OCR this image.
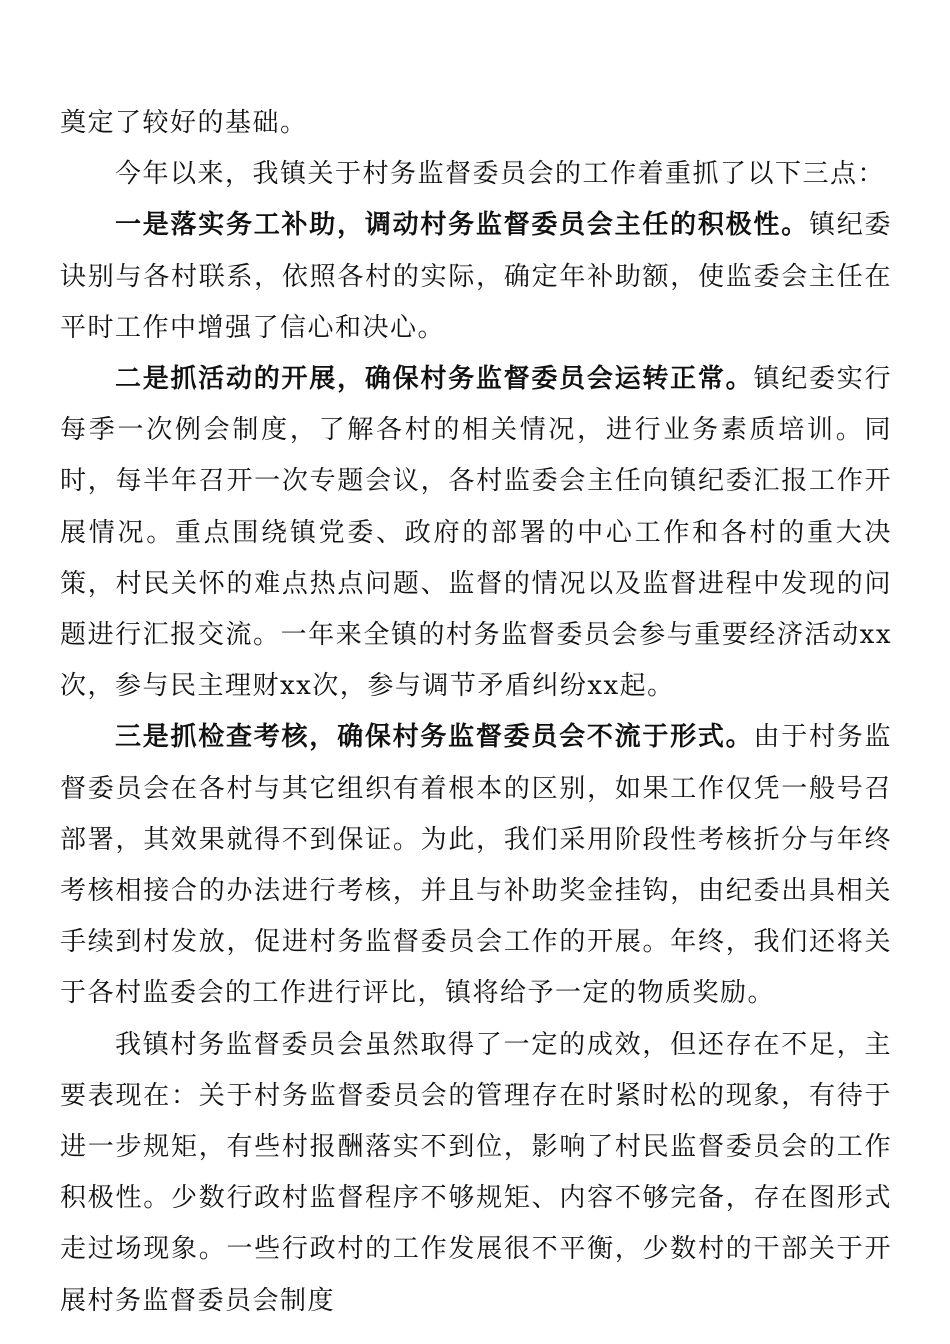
奠定了较好的基础。

今年以来，我镇关于村务监督委员会的工作着重抓了以下三点：

一是落实务工补助，调动村务监督委员会主任的积极性。镇纪委诀别与各村联系，依照各村的实际，确定年补助额，使监委会主任在平时工作中增强了信心和决心。

二是抓活动的开展，确保村务监督委员会运转正常。镇纪委实行每季一次例会制度，了解各村的相关情况，进行业务素质培训。同时，每半年召开一次专题会议，各村监委会主任向镇纪委汇报工作开展情况。重点围绕镇党委、政府的部署的中心工作和各村的重大决策，村民关怀的难点热点问题、监督的情况以及监督进程中发现的问题进行汇报交流。一年来全镇的村务监督委员会参与重要经济活动xx次，参与民主理财xx次，参与调节矛盾纠纷xx起。

三是抓检查考核，确保村务监督委员会不流于形式。由于村务监督委员会在各村与其它组织有着根本的区别，如果工作仅凭一般号召部署，其效果就得不到保证。为此，我们采用阶段性考核折分与年终考核相接合的办法进行考核，并且与补助奖金挂钩，由纪委出具相关手续到村发放，促进村务监督委员会工作的开展。年终，我们还将关于各村监委会的工作进行评比，镇将给予一定的物质奖励。

我镇村务监督委员会虽然取得了一定的成效，但还存在不足，主要表现在：关于村务监督委员会的管理存在时紧时松的现象，有待于进一步规矩，有些村报酬落实不到位，影响了村民监督委员会的工作积极性。少数行政村监督程序不够规矩、内容不够完备，存在图形式走过场现象。一些行政村的工作发展很不平衡，少数村的干部关于开展村务监督委员会制度
